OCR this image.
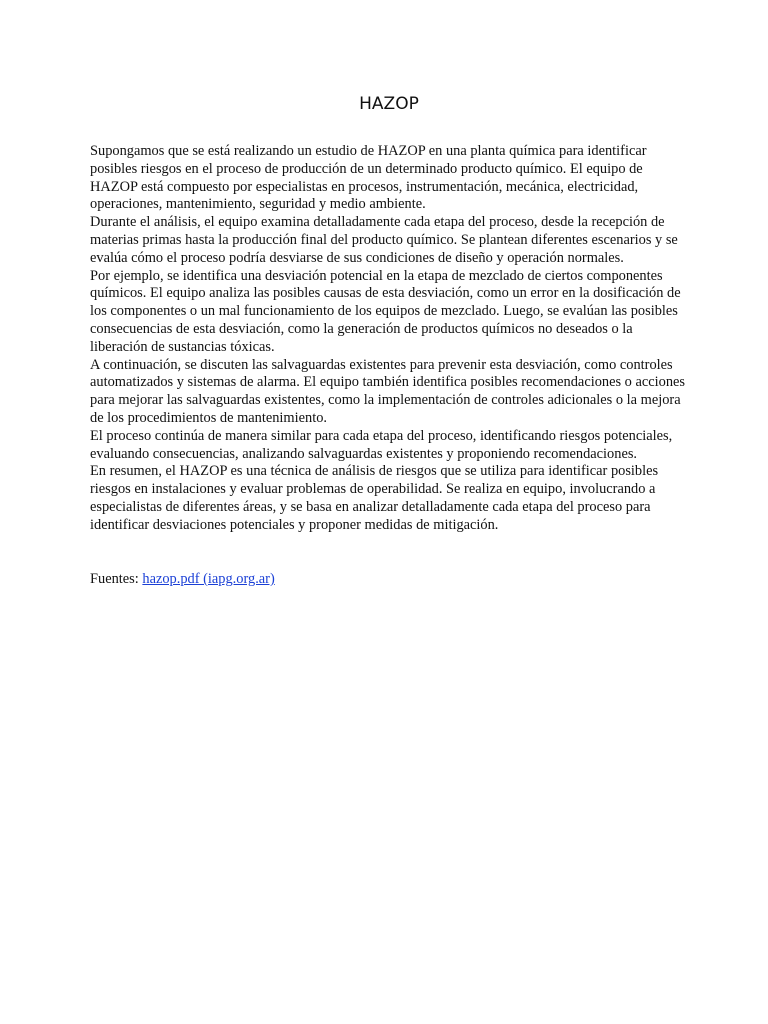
HAZOP

Supongamos que se está realizando un estudio de HAZOP en una planta química para identificar posibles riesgos en el proceso de producción de un determinado producto químico. El equipo de HAZOP está compuesto por especialistas en procesos, instrumentación, mecánica, electricidad, operaciones, mantenimiento, seguridad y medio ambiente.

Durante el análisis, el equipo examina detalladamente cada etapa del proceso, desde la recepción de materias primas hasta la producción final del producto químico. Se plantean diferentes escenarios y se evalúa cómo el proceso podría desviarse de sus condiciones de diseño y operación normales.

Por ejemplo, se identifica una desviación potencial en la etapa de mezclado de ciertos componentes químicos. El equipo analiza las posibles causas de esta desviación, como un error en la dosificación de los componentes o un mal funcionamiento de los equipos de mezclado. Luego, se evalúan las posibles consecuencias de esta desviación, como la generación de productos químicos no deseados o la liberación de sustancias tóxicas.

A continuación, se discuten las salvaguardas existentes para prevenir esta desviación, como controles automatizados y sistemas de alarma. El equipo también identifica posibles recomendaciones o acciones para mejorar las salvaguardas existentes, como la implementación de controles adicionales o la mejora de los procedimientos de mantenimiento.

El proceso continúa de manera similar para cada etapa del proceso, identificando riesgos potenciales, evaluando consecuencias, analizando salvaguardas existentes y proponiendo recomendaciones.

En resumen, el HAZOP es una técnica de análisis de riesgos que se utiliza para identificar posibles riesgos en instalaciones y evaluar problemas de operabilidad. Se realiza en equipo, involucrando a especialistas de diferentes áreas, y se basa en analizar detalladamente cada etapa del proceso para identificar desviaciones potenciales y proponer medidas de mitigación.

Fuentes: hazop.pdf (iapg.org.ar)
